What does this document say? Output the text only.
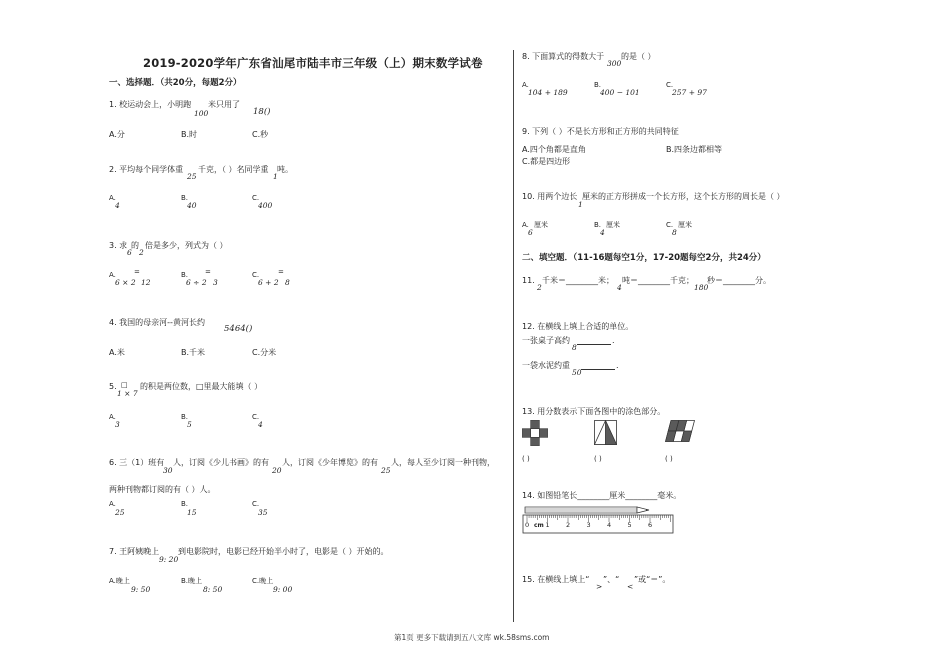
2019-2020学年广东省汕尾市陆丰市三年级（上）期末数学试卷
一、选择题．（共20分，每题2分）
1. 校运动会上，小明跑
100
米只用了
18()
A.分	B.时	C.秒
2. 平均每个同学体重
25
千克，（ ）名同学重
1
吨。
A.
4
B.
40
C.
400
3. 求
6
的
2
倍是多少，列式为（ ）
A.	=
6 × 2 12
B. =
6 ÷ 2 3
C.	=
6 + 2 8
4. 我国的母亲河--黄河长约
5464()
A.米	B.千米	C.分米
5. □
1 × 7
的积是两位数，□里最大能填（ ）
A.
3
B.
5
C.
4
6. 三（1）班有
30
人，订阅《少儿书画》的有
20
人，订阅《少年博览》的有
25
人，每人至少订阅一种刊物，
两种刊物都订阅的有（ ）人。
A.
25
B.
15
C.
35
7. 王阿姨晚上
9: 20
到电影院时，电影已经开始半小时了，电影是（ ）开始的。
A.晚上
9: 50
B.晚上
8: 50
C.晚上
9: 00
8. 下面算式的得数大于
300
的是（ ）
A.
104 + 189
B.
400 − 101
C.
257 + 97
9. 下列（ ）不是长方形和正方形的共同特征
A.四个角都是直角	B.四条边都相等
C.都是四边形
10. 用两个边长
1
厘米的正方形拼成一个长方形，这个长方形的周长是（ ）
A. 厘米
6
B. 厘米
4
C. 厘米
8
二、填空题．（11-16题每空1分，17-20题每空2分，共24分）
11.
2
千米＝________米；
4
吨＝________千克；
180
秒＝________分。
12. 在横线上填上合适的单位。
一张桌子高约
8
.
一袋水泥约重
50
.
13. 用分数表示下面各图中的涂色部分。
( )	( )	( )
14. 如图铅笔长________厘米________毫米。
cm
0	1	2	3	4	5	6
15. 在横线上填上“
>
”、“
<
”或“＝”。
第1页 更多下载请到五八文库 wk.58sms.com
